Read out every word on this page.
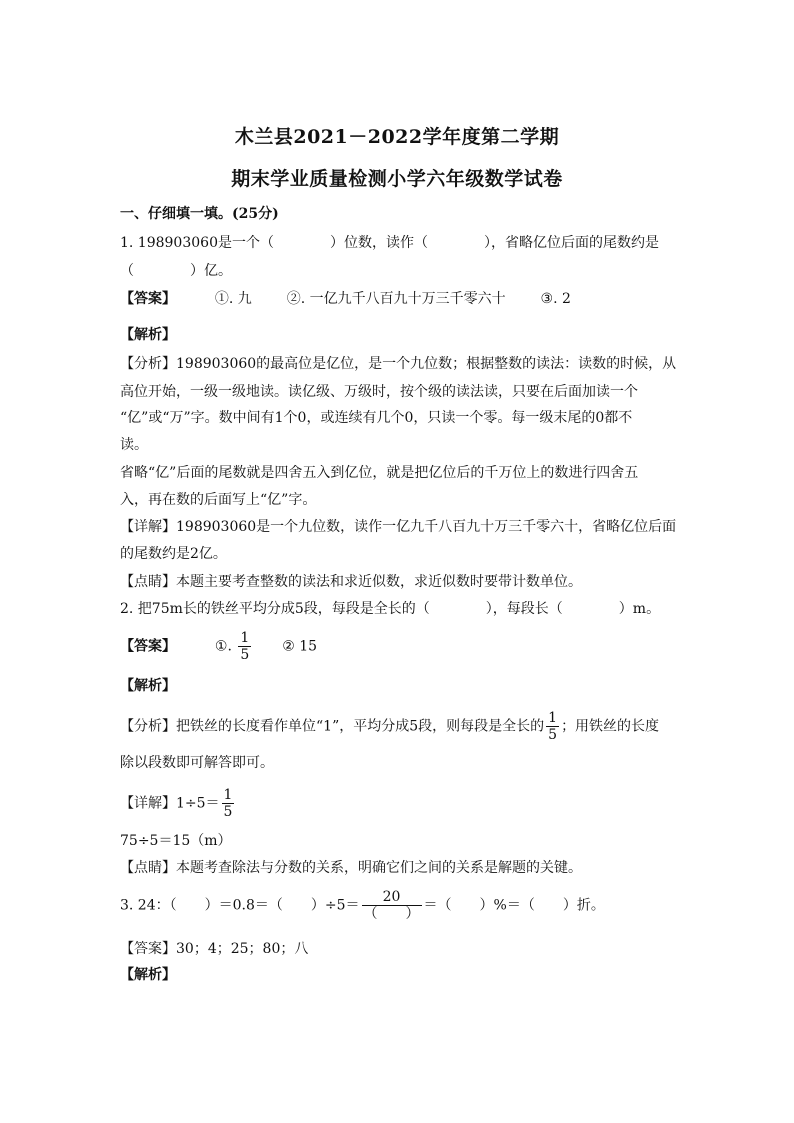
木兰县2021－2022学年度第二学期
期末学业质量检测小学六年级数学试卷
一、仔细填一填。(25分)
1. 198903060是一个（　　　　）位数，读作（　　　　），省略亿位后面的尾数约是
（　　　　）亿。
【答案】	①. 九 ②. 一亿九千八百九十万三千零六十 ③. 2
【解析】
【分析】198903060的最高位是亿位，是一个九位数；根据整数的读法：读数的时候，从
高位开始，一级一级地读。读亿级、万级时，按个级的读法读，只要在后面加读一个
“亿”或“万”字。数中间有1个0，或连续有几个0，只读一个零。每一级末尾的0都不
读。
省略“亿”后面的尾数就是四舍五入到亿位，就是把亿位后的千万位上的数进行四舍五
入，再在数的后面写上“亿”字。
【详解】198903060是一个九位数，读作一亿九千八百九十万三千零六十，省略亿位后面
的尾数约是2亿。
【点睛】本题主要考查整数的读法和求近似数，求近似数时要带计数单位。
2. 把75m长的铁丝平均分成5段，每段是全长的（　　　　），每段长（　　　　）m。
【答案】	①. $\frac{1}{5}$ ② 15
【解析】
【分析】把铁丝的长度看作单位“1”，平均分成5段，则每段是全长的 $\frac{1}{5}$ ；用铁丝的长度
除以段数即可解答即可。
【详解】$1\div 5= \frac{1}{5}$
75÷5＝15（m）
【点睛】本题考查除法与分数的关系，明确它们之间的关系是解题的关键。
3. 24：（　　）＝0.8＝（　　）$\div 5= \frac{20}{( )}$ ＝（　　）%＝（　　）折。
【答案】30；4；25；80；八
【解析】
